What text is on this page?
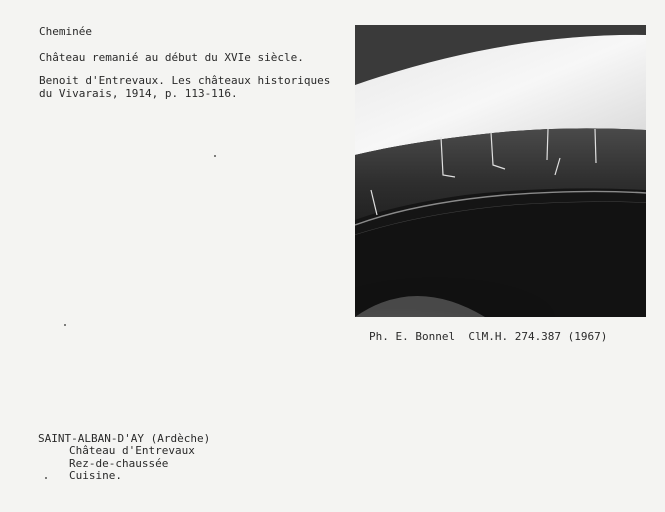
Cheminée
Château remanié au début du XVIe siècle.
Benoit d'Entrevaux. Les châteaux historiques
du Vivarais, 1914, p. 113-116.
Ph. E. Bonnel  ClM.H. 274.387 (1967)
SAINT-ALBAN-D'AY (Ardèche)
Château d'Entrevaux
Rez-de-chaussée
Cuisine.
